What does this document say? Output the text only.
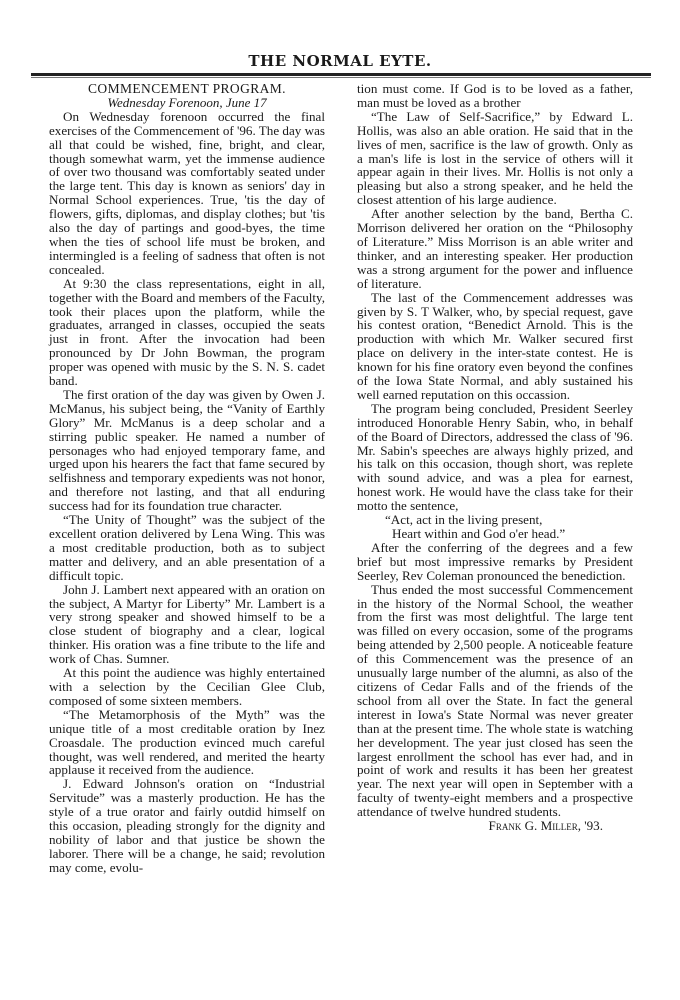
THE NORMAL EYTE.

COMMENCEMENT PROGRAM.

Wednesday Forenoon, June 17

On Wednesday forenoon occurred the final exercises of the Commencement of '96. The day was all that could be wished, fine, bright, and clear, though somewhat warm, yet the immense audience of over two thousand was comfortably seated under the large tent. This day is known as seniors' day in Normal School experiences. True, 'tis the day of flowers, gifts, diplomas, and display clothes; but 'tis also the day of partings and good-byes, the time when the ties of school life must be broken, and intermingled is a feeling of sadness that often is not concealed.

At 9:30 the class representations, eight in all, together with the Board and members of the Faculty, took their places upon the platform, while the graduates, arranged in classes, occupied the seats just in front. After the invocation had been pronounced by Dr John Bowman, the program proper was opened with music by the S. N. S. cadet band.

The first oration of the day was given by Owen J. McManus, his subject being, the “Vanity of Earthly Glory” Mr. McManus is a deep scholar and a stirring public speaker. He named a number of personages who had enjoyed temporary fame, and urged upon his hearers the fact that fame secured by selfishness and temporary expedients was not honor, and therefore not lasting, and that all enduring success had for its foundation true character.

“The Unity of Thought” was the subject of the excellent oration delivered by Lena Wing. This was a most creditable production, both as to subject matter and delivery, and an able presentation of a difficult topic.

John J. Lambert next appeared with an oration on the subject, A Martyr for Liberty” Mr. Lambert is a very strong speaker and showed himself to be a close student of biography and a clear, logical thinker. His oration was a fine tribute to the life and work of Chas. Sumner.

At this point the audience was highly entertained with a selection by the Cecilian Glee Club, composed of some sixteen members.

“The Metamorphosis of the Myth” was the unique title of a most creditable oration by Inez Croasdale. The production evinced much careful thought, was well rendered, and merited the hearty applause it received from the audience.

J. Edward Johnson's oration on “Industrial Servitude” was a masterly production. He has the style of a true orator and fairly outdid himself on this occasion, pleading strongly for the dignity and nobility of labor and that justice be shown the laborer. There will be a change, he said; revolution may come, evolu-

tion must come. If God is to be loved as a father, man must be loved as a brother

“The Law of Self-Sacrifice,” by Edward L. Hollis, was also an able oration. He said that in the lives of men, sacrifice is the law of growth. Only as a man's life is lost in the service of others will it appear again in their lives. Mr. Hollis is not only a pleasing but also a strong speaker, and he held the closest attention of his large audience.

After another selection by the band, Bertha C. Morrison delivered her oration on the “Philosophy of Literature.” Miss Morrison is an able writer and thinker, and an interesting speaker. Her production was a strong argument for the power and influence of literature.

The last of the Commencement addresses was given by S. T Walker, who, by special request, gave his contest oration, “Benedict Arnold. This is the production with which Mr. Walker secured first place on delivery in the inter-state contest. He is known for his fine oratory even beyond the confines of the Iowa State Normal, and ably sustained his well earned reputation on this occassion.

The program being concluded, President Seerley introduced Honorable Henry Sabin, who, in behalf of the Board of Directors, addressed the class of '96. Mr. Sabin's speeches are always highly prized, and his talk on this occasion, though short, was replete with sound advice, and was a plea for earnest, honest work. He would have the class take for their motto the sentence,

“Act, act in the living present,
Heart within and God o'er head.”

After the conferring of the degrees and a few brief but most impressive remarks by President Seerley, Rev Coleman pronounced the benediction.

Thus ended the most successful Commencement in the history of the Normal School, the weather from the first was most delightful. The large tent was filled on every occasion, some of the programs being attended by 2,500 people. A noticeable feature of this Commencement was the presence of an unusually large number of the alumni, as also of the citizens of Cedar Falls and of the friends of the school from all over the State. In fact the general interest in Iowa's State Normal was never greater than at the present time. The whole state is watching her development. The year just closed has seen the largest enrollment the school has ever had, and in point of work and results it has been her greatest year. The next year will open in September with a faculty of twenty-eight members and a prospective attendance of twelve hundred students.

Frank G. Miller, '93.
